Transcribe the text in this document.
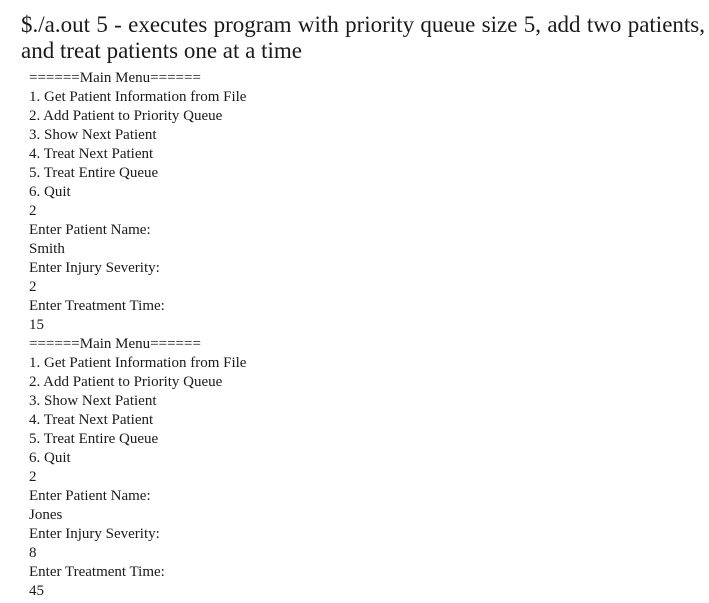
$./a.out 5 - executes program with priority queue size 5, add two patients, and treat patients one at a time

======Main Menu======
1. Get Patient Information from File
2. Add Patient to Priority Queue
3. Show Next Patient
4. Treat Next Patient
5. Treat Entire Queue
6. Quit
2
Enter Patient Name:
Smith
Enter Injury Severity:
2
Enter Treatment Time:
15
======Main Menu======
1. Get Patient Information from File
2. Add Patient to Priority Queue
3. Show Next Patient
4. Treat Next Patient
5. Treat Entire Queue
6. Quit
2
Enter Patient Name:
Jones
Enter Injury Severity:
8
Enter Treatment Time:
45
